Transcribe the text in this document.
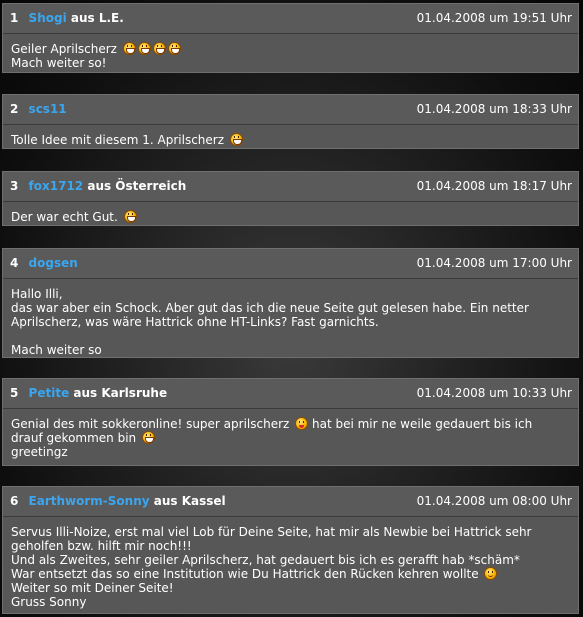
1 Shogi aus L.E.	01.04.2008 um 19:51 Uhr
Geiler Aprilscherz
Mach weiter so!
2 scs11	01.04.2008 um 18:33 Uhr
Tolle Idee mit diesem 1. Aprilscherz
3 fox1712 aus Österreich	01.04.2008 um 18:17 Uhr
Der war echt Gut.
4 dogsen	01.04.2008 um 17:00 Uhr
Hallo Illi,
das war aber ein Schock. Aber gut das ich die neue Seite gut gelesen habe. Ein netter
Aprilscherz, was wäre Hattrick ohne HT-Links? Fast garnichts.
Mach weiter so
5 Petite aus Karlsruhe	01.04.2008 um 10:33 Uhr
Genial des mit sokkeronline! super aprilscherz hat bei mir ne weile gedauert bis ich
drauf gekommen bin
greetingz
6 Earthworm-Sonny aus Kassel	01.04.2008 um 08:00 Uhr
Servus Illi-Noize, erst mal viel Lob für Deine Seite, hat mir als Newbie bei Hattrick sehr
geholfen bzw. hilft mir noch!!!
Und als Zweites, sehr geiler Aprilscherz, hat gedauert bis ich es gerafft hab *schäm*
War entsetzt das so eine Institution wie Du Hattrick den Rücken kehren wollte
Weiter so mit Deiner Seite!
Gruss Sonny
